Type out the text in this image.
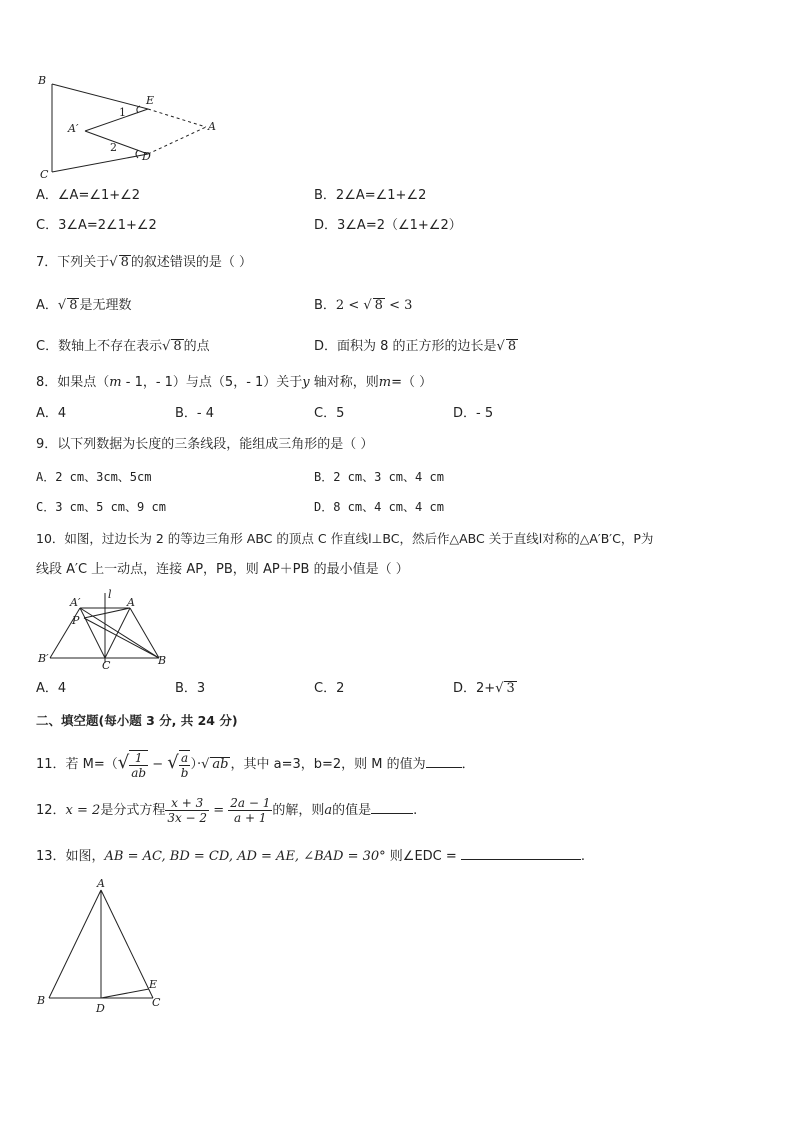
B
C
E
D
A
A′
1
2
A．∠A=∠1+∠2	B．2∠A=∠1+∠2
C．3∠A=2∠1+∠2	D．3∠A=2（∠1+∠2）
7．下列关于√ 8 的叙述错误的是（ ）
A．√ 8 是无理数	B．2 < √ 8 < 3
C．数轴上不存在表示√ 8 的点	D．面积为 8 的正方形的边长是√ 8
8．如果点（m - 1，- 1）与点（5，- 1）关于y 轴对称，则m=（ ）
A．4	B．- 4	C．5	D．- 5
9．以下列数据为长度的三条线段，能组成三角形的是（ ）
A．2 cm、3cm、5cm	B．2 cm、3 cm、4 cm
C．3 cm、5 cm、9 cm	D．8 cm、4 cm、4 cm
10．如图，过边长为 2 的等边三角形 ABC 的顶点 C 作直线l⊥BC，然后作△ABC 关于直线l对称的△A′B′C，P为
线段 A′C 上一动点，连接 AP，PB，则 AP＋PB 的最小值是（ ）
A′
l
A
P
B′
C	B
A．4	B．3	C．2	D．2+√ 3
二、填空题(每小题 3 分, 共 24 分)
11．若 $M=(√ \frac{1}{ab}$ − √ $\frac{a}{b}$ ）·√ ab ，其中 a=3，b=2，则 M 的值为	．
12．x = 2是分式方程 $\frac{x + 3}{3x - 2} = \frac{2a - 1}{a + 1}$ 的解，则a的值是	.
13．如图，AB = AC, BD = CD, AD = AE, ∠BAD = 30° 则∠EDC =	.
A
B
D
E
C
